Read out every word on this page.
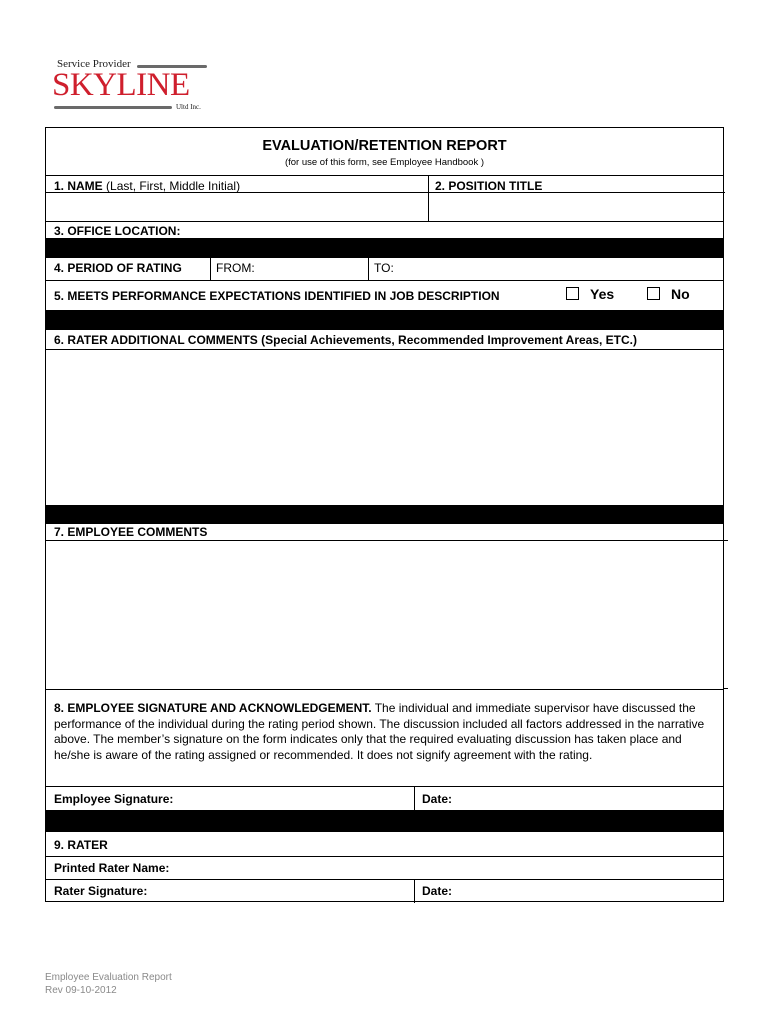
Service Provider
SKYLINE
Ultd Inc.
EVALUATION/RETENTION REPORT
(for use of this form, see Employee Handbook )
1. NAME (Last, First, Middle Initial)	2. POSITION TITLE
3. OFFICE LOCATION:
4. PERIOD OF RATING	FROM:	TO:
5. MEETS PERFORMANCE EXPECTATIONS IDENTIFIED IN JOB DESCRIPTION	Yes	No
6. RATER ADDITIONAL COMMENTS (Special Achievements, Recommended Improvement Areas, ETC.)
7. EMPLOYEE COMMENTS
8. EMPLOYEE SIGNATURE AND ACKNOWLEDGEMENT. The individual and immediate supervisor have discussed the performance of the individual during the rating period shown. The discussion included all factors addressed in the narrative above. The member’s signature on the form indicates only that the required evaluating discussion has taken place and he/she is aware of the rating assigned or recommended. It does not signify agreement with the rating.
Employee Signature:	Date:
9. RATER
Printed Rater Name:
Rater Signature:	Date:
Employee Evaluation Report
Rev 09-10-2012
